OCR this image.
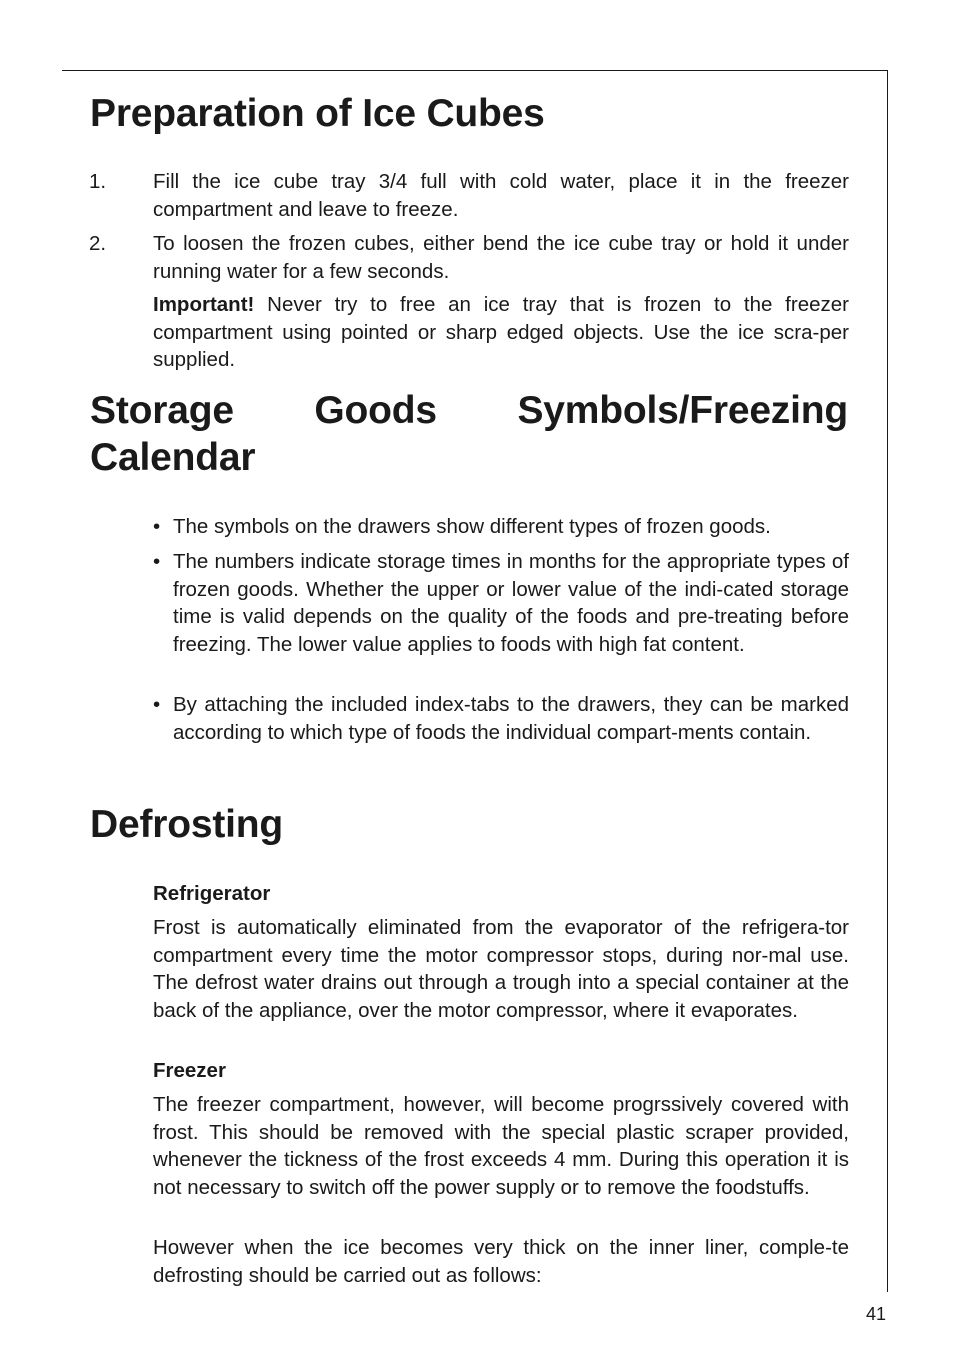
Preparation of Ice Cubes
1. Fill the ice cube tray 3/4 full with cold water, place it in the freezer compartment and leave to freeze.
2. To loosen the frozen cubes, either bend the ice cube tray or hold it under running water for a few seconds.
Important! Never try to free an ice tray that is frozen to the freezer compartment using pointed or sharp edged objects. Use the ice scra-per supplied.
Storage Goods Symbols/Freezing Calendar
• The symbols on the drawers show different types of frozen goods.
• The numbers indicate storage times in months for the appropriate types of frozen goods. Whether the upper or lower value of the indi-cated storage time is valid depends on the quality of the foods and pre-treating before freezing. The lower value applies to foods with high fat content.
• By attaching the included index-tabs to the drawers, they can be marked according to which type of foods the individual compart-ments contain.
Defrosting
Refrigerator
Frost is automatically eliminated from the evaporator of the refrigera-tor compartment every time the motor compressor stops, during nor-mal use. The defrost water drains out through a trough into a special container at the back of the appliance, over the motor compressor, where it evaporates.
Freezer
The freezer compartment, however, will become progrssively covered with frost. This should be removed with the special plastic scraper provided, whenever the tickness of the frost exceeds 4 mm. During this operation it is not necessary to switch off the power supply or to remove the foodstuffs.
However when the ice becomes very thick on the inner liner, comple-te defrosting should be carried out as follows:
41
